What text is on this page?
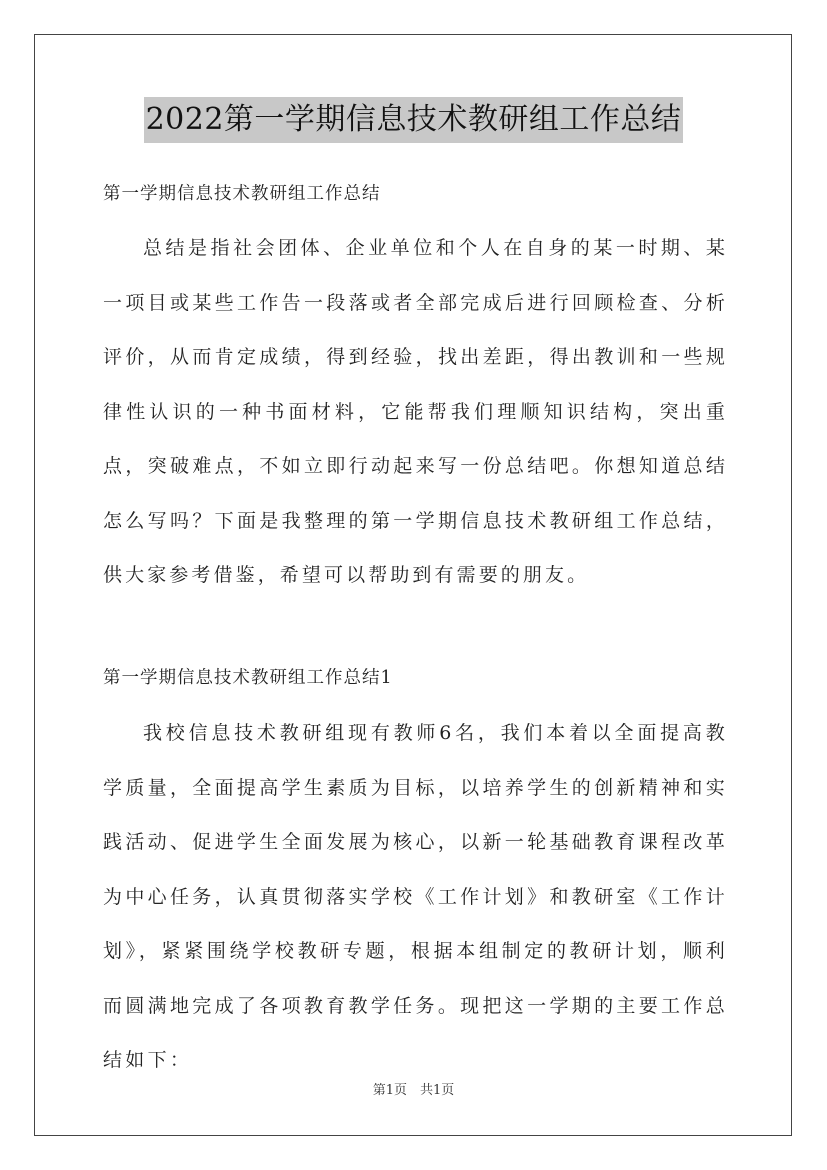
2022第一学期信息技术教研组工作总结
第一学期信息技术教研组工作总结

总结是指社会团体、企业单位和个人在自身的某一时期、某一项目或某些工作告一段落或者全部完成后进行回顾检查、分析评价，从而肯定成绩，得到经验，找出差距，得出教训和一些规律性认识的一种书面材料，它能帮我们理顺知识结构，突出重点，突破难点，不如立即行动起来写一份总结吧。你想知道总结怎么写吗？下面是我整理的第一学期信息技术教研组工作总结，供大家参考借鉴，希望可以帮助到有需要的朋友。

第一学期信息技术教研组工作总结1

我校信息技术教研组现有教师6名，我们本着以全面提高教学质量，全面提高学生素质为目标，以培养学生的创新精神和实践活动、促进学生全面发展为核心，以新一轮基础教育课程改革为中心任务，认真贯彻落实学校《工作计划》和教研室《工作计划》，紧紧围绕学校教研专题，根据本组制定的教研计划，顺利而圆满地完成了各项教育教学任务。现把这一学期的主要工作总结如下：

第1页　共1页
